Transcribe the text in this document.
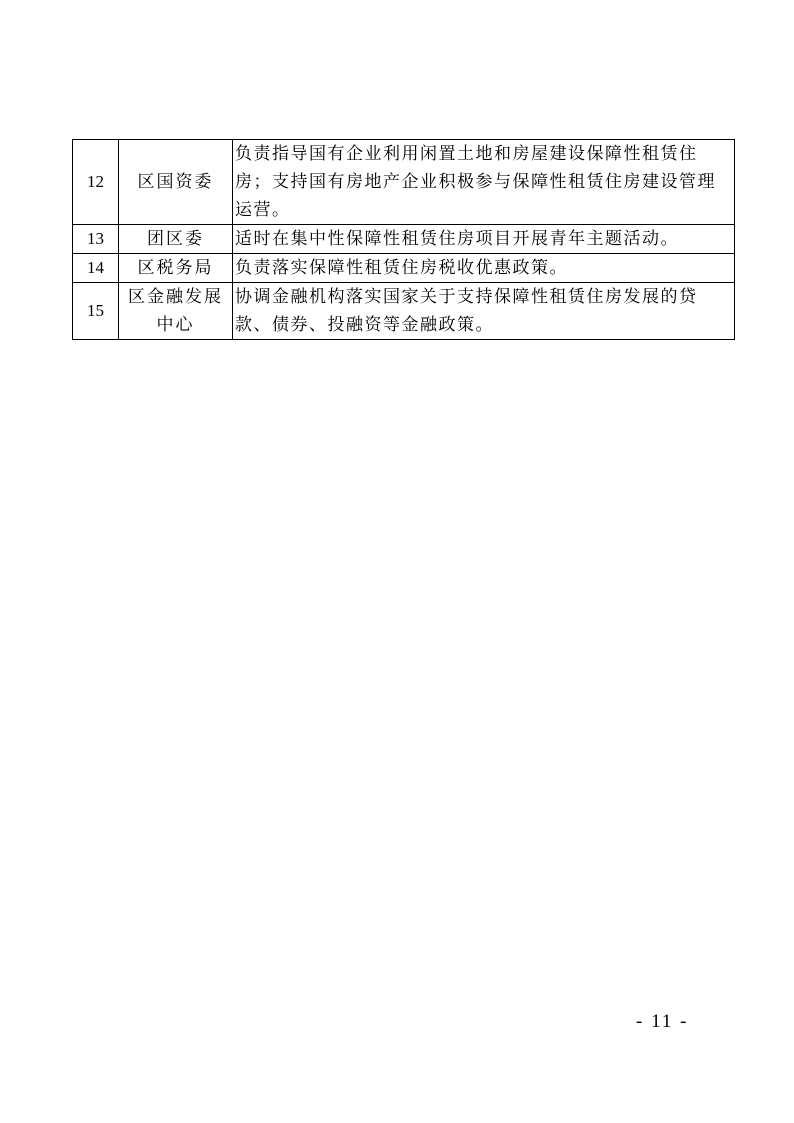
12	区国资委	负责指导国有企业利用闲置土地和房屋建设保障性租赁住房；支持国有房地产企业积极参与保障性租赁住房建设管理运营。
13	团区委	适时在集中性保障性租赁住房项目开展青年主题活动。
14	区税务局	负责落实保障性租赁住房税收优惠政策。
15	区金融发展中心	协调金融机构落实国家关于支持保障性租赁住房发展的贷款、债券、投融资等金融政策。
- 11 -
